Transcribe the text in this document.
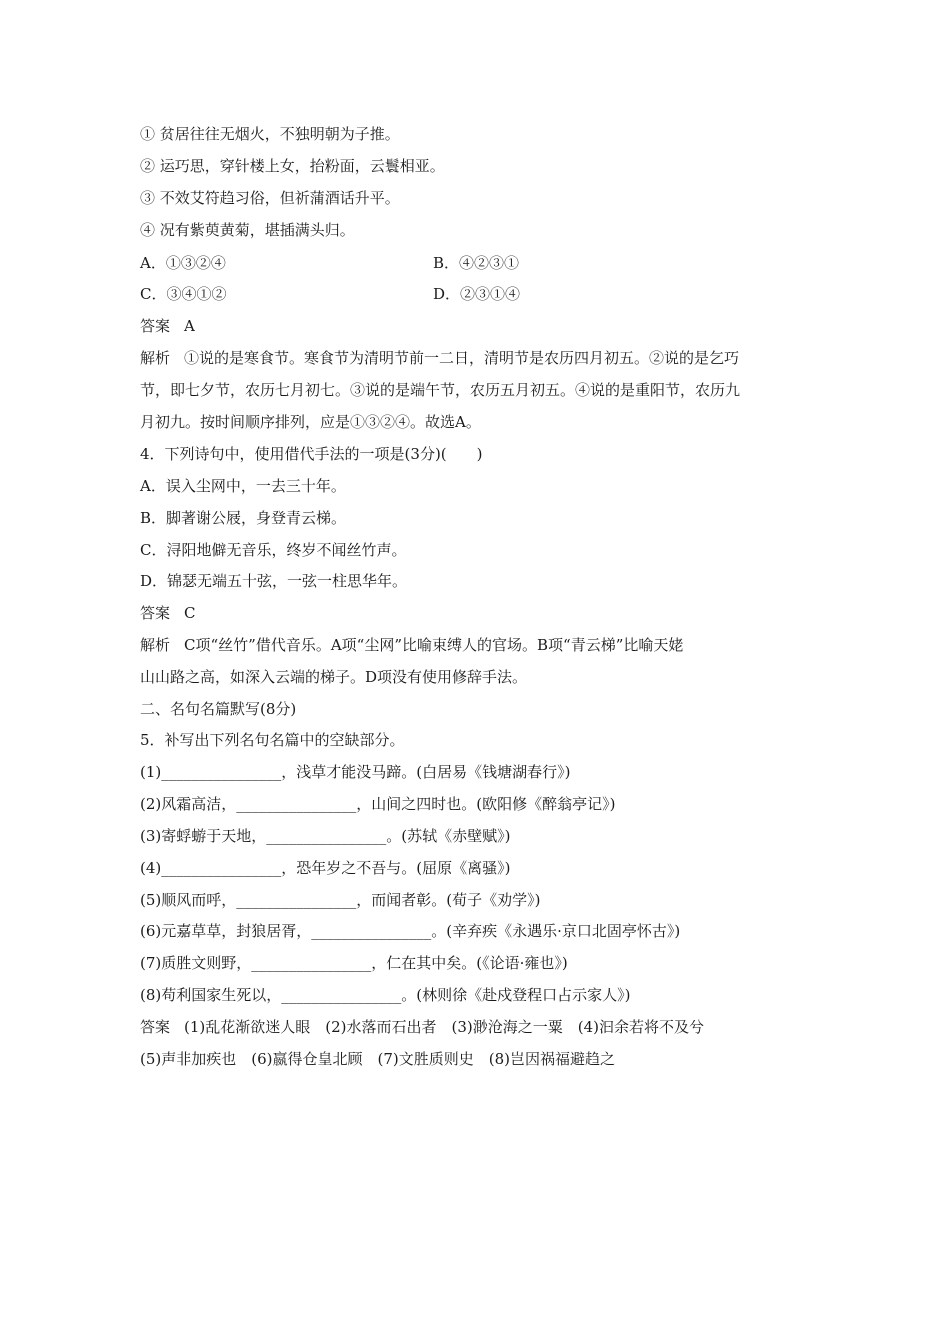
① 贫居往往无烟火，不独明朝为子推。
② 运巧思，穿针楼上女，抬粉面，云鬟相亚。
③ 不效艾符趋习俗，但祈蒲酒话升平。
④ 况有紫萸黄菊，堪插满头归。
A．①③②④	B．④②③①
C．③④①②	D．②③①④
答案 A
解析 ①说的是寒食节。寒食节为清明节前一二日，清明节是农历四月初五。②说的是乞巧
节，即七夕节，农历七月初七。③说的是端午节，农历五月初五。④说的是重阳节，农历九
月初九。按时间顺序排列，应是①③②④。故选A。
4．下列诗句中，使用借代手法的一项是(3分)(　　)
A．误入尘网中，一去三十年。
B．脚著谢公屐，身登青云梯。
C．浔阳地僻无音乐，终岁不闻丝竹声。
D．锦瑟无端五十弦，一弦一柱思华年。
答案 C
解析 C项“丝竹”借代音乐。A项“尘网”比喻束缚人的官场。B项“青云梯”比喻天姥
山山路之高，如深入云端的梯子。D项没有使用修辞手法。
二、名句名篇默写(8分)
5．补写出下列名句名篇中的空缺部分。
(1)________________，浅草才能没马蹄。(白居易《钱塘湖春行》)
(2)风霜高洁，________________，山间之四时也。(欧阳修《醉翁亭记》)
(3)寄蜉蝣于天地，________________。(苏轼《赤壁赋》)
(4)________________，恐年岁之不吾与。(屈原《离骚》)
(5)顺风而呼，________________，而闻者彰。(荀子《劝学》)
(6)元嘉草草，封狼居胥，________________。(辛弃疾《永遇乐·京口北固亭怀古》)
(7)质胜文则野，________________，仁在其中矣。(《论语·雍也》)
(8)苟利国家生死以，________________。(林则徐《赴戍登程口占示家人》)
答案 (1)乱花渐欲迷人眼　(2)水落而石出者　(3)渺沧海之一粟　(4)汩余若将不及兮
(5)声非加疾也　(6)嬴得仓皇北顾　(7)文胜质则史　(8)岂因祸福避趋之
